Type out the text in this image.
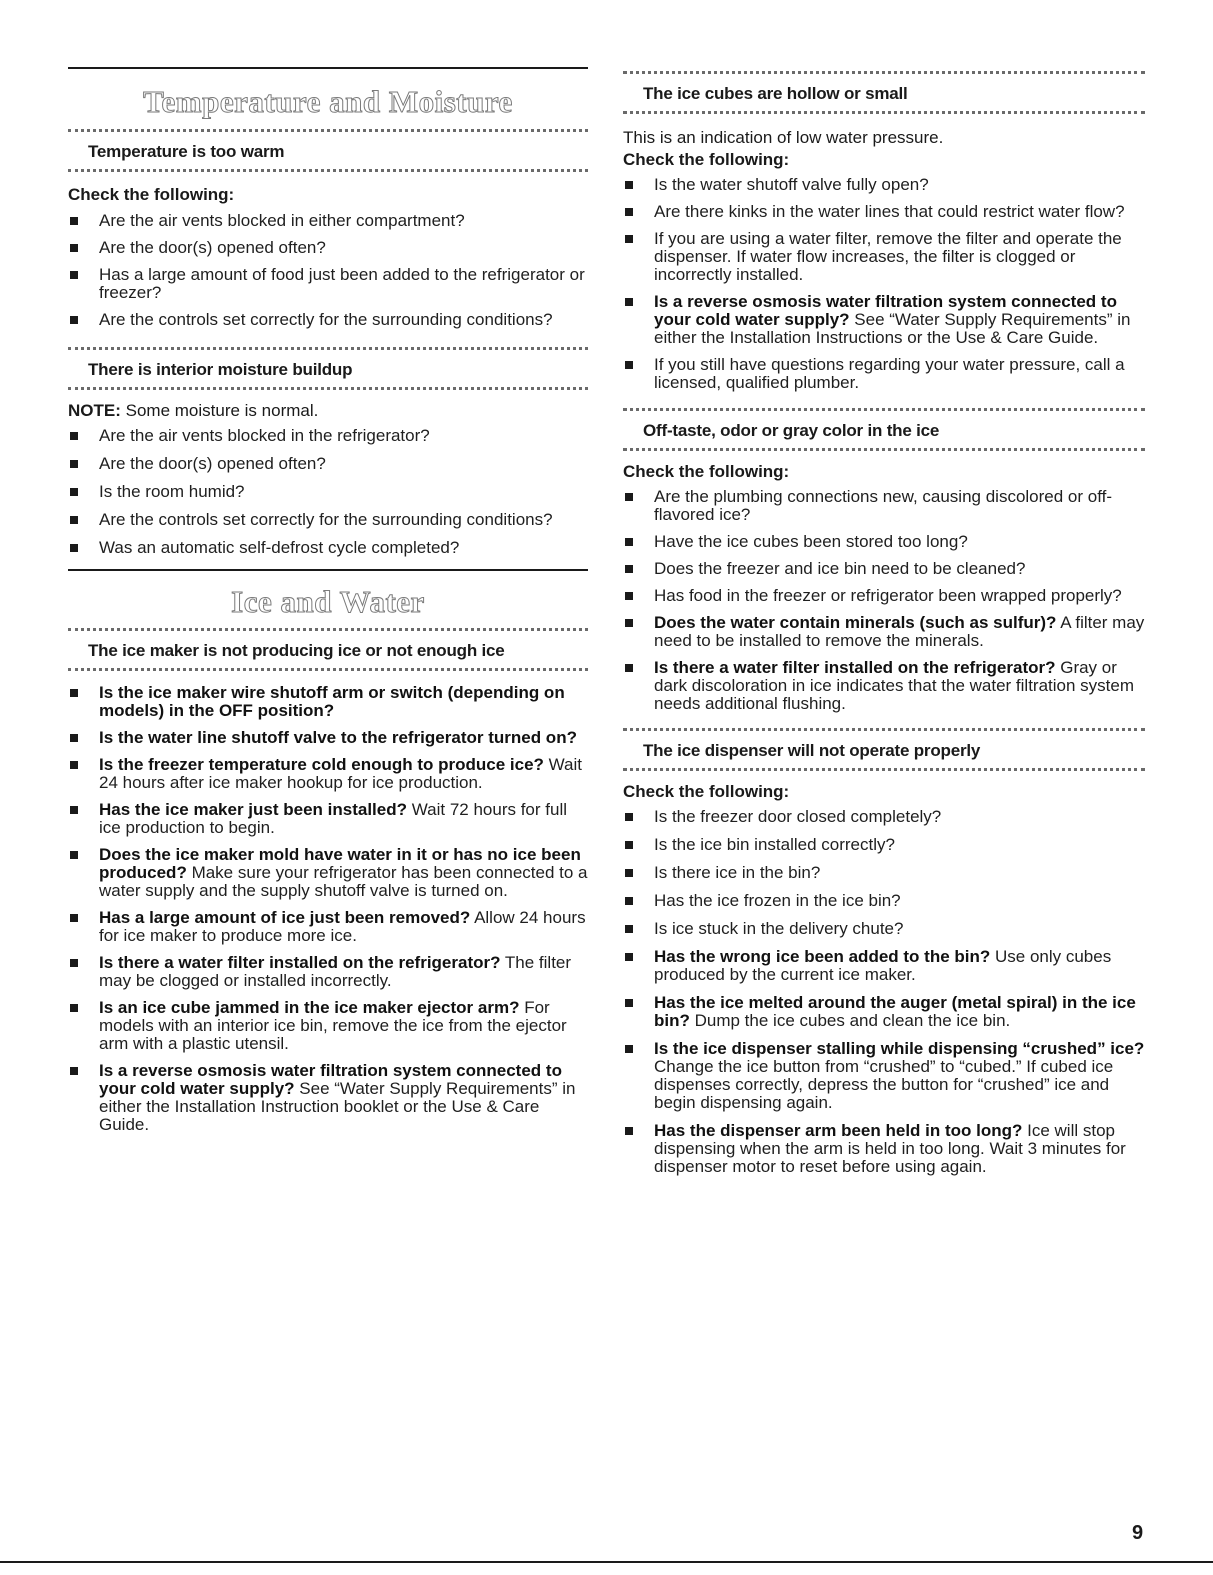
Temperature and Moisture
Temperature is too warm

Check the following:

Are the air vents blocked in either compartment?
Are the door(s) opened often?
Has a large amount of food just been added to the refrigerator or freezer?
Are the controls set correctly for the surrounding conditions?
There is interior moisture buildup

NOTE: Some moisture is normal.

Are the air vents blocked in the refrigerator?
Are the door(s) opened often?
Is the room humid?
Are the controls set correctly for the surrounding conditions?
Was an automatic self-defrost cycle completed?
Ice and Water
The ice maker is not producing ice or not enough ice
Is the ice maker wire shutoff arm or switch (depending on models) in the OFF position?
Is the water line shutoff valve to the refrigerator turned on?
Is the freezer temperature cold enough to produce ice? Wait 24 hours after ice maker hookup for ice production.
Has the ice maker just been installed? Wait 72 hours for full ice production to begin.
Does the ice maker mold have water in it or has no ice been produced? Make sure your refrigerator has been connected to a water supply and the supply shutoff valve is turned on.
Has a large amount of ice just been removed? Allow 24 hours for ice maker to produce more ice.
Is there a water filter installed on the refrigerator? The filter may be clogged or installed incorrectly.
Is an ice cube jammed in the ice maker ejector arm? For models with an interior ice bin, remove the ice from the ejector arm with a plastic utensil.
Is a reverse osmosis water filtration system connected to your cold water supply? See “Water Supply Requirements” in either the Installation Instruction booklet or the Use & Care Guide.
The ice cubes are hollow or small

This is an indication of low water pressure.

Check the following:

Is the water shutoff valve fully open?
Are there kinks in the water lines that could restrict water flow?
If you are using a water filter, remove the filter and operate the dispenser. If water flow increases, the filter is clogged or incorrectly installed.
Is a reverse osmosis water filtration system connected to your cold water supply? See “Water Supply Requirements” in either the Installation Instructions or the Use & Care Guide.
If you still have questions regarding your water pressure, call a licensed, qualified plumber.
Off-taste, odor or gray color in the ice

Check the following:

Are the plumbing connections new, causing discolored or off-flavored ice?
Have the ice cubes been stored too long?
Does the freezer and ice bin need to be cleaned?
Has food in the freezer or refrigerator been wrapped properly?
Does the water contain minerals (such as sulfur)? A filter may need to be installed to remove the minerals.
Is there a water filter installed on the refrigerator? Gray or dark discoloration in ice indicates that the water filtration system needs additional flushing.
The ice dispenser will not operate properly

Check the following:

Is the freezer door closed completely?
Is the ice bin installed correctly?
Is there ice in the bin?
Has the ice frozen in the ice bin?
Is ice stuck in the delivery chute?
Has the wrong ice been added to the bin? Use only cubes produced by the current ice maker.
Has the ice melted around the auger (metal spiral) in the ice bin? Dump the ice cubes and clean the ice bin.
Is the ice dispenser stalling while dispensing “crushed” ice? Change the ice button from “crushed” to “cubed.” If cubed ice dispenses correctly, depress the button for “crushed” ice and begin dispensing again.
Has the dispenser arm been held in too long? Ice will stop dispensing when the arm is held in too long. Wait 3 minutes for dispenser motor to reset before using again.
9
